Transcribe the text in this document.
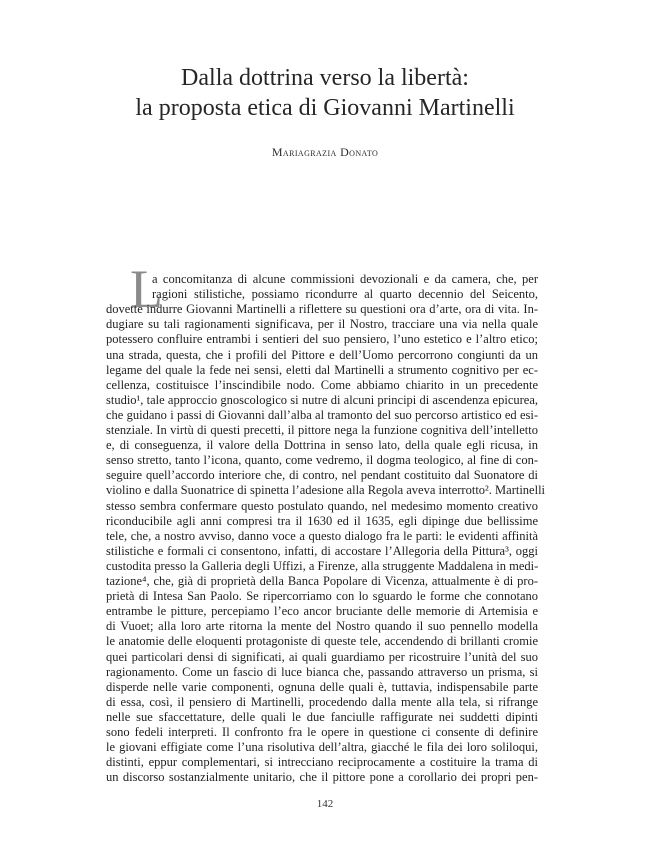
Dalla dottrina verso la libertà:
la proposta etica di Giovanni Martinelli
Mariagrazia Donato
L
a concomitanza di alcune commissioni devozionali e da camera, che, per
ragioni stilistiche, possiamo ricondurre al quarto decennio del Seicento,
dovette indurre Giovanni Martinelli a riflettere su questioni ora d’arte, ora di vita. In-
dugiare su tali ragionamenti significava, per il Nostro, tracciare una via nella quale
potessero confluire entrambi i sentieri del suo pensiero, l’uno estetico e l’altro etico;
una strada, questa, che i profili del Pittore e dell’Uomo percorrono congiunti da un
legame del quale la fede nei sensi, eletti dal Martinelli a strumento cognitivo per ec-
cellenza, costituisce l’inscindibile nodo. Come abbiamo chiarito in un precedente
studio¹, tale approccio gnoscologico si nutre di alcuni principi di ascendenza epicurea,
che guidano i passi di Giovanni dall’alba al tramonto del suo percorso artistico ed esi-
stenziale. In virtù di questi precetti, il pittore nega la funzione cognitiva dell’intelletto
e, di conseguenza, il valore della Dottrina in senso lato, della quale egli ricusa, in
senso stretto, tanto l’icona, quanto, come vedremo, il dogma teologico, al fine di con-
seguire quell’accordo interiore che, di contro, nel pendant costituito dal Suonatore di
violino e dalla Suonatrice di spinetta l’adesione alla Regola aveva interrotto². Martinelli
stesso sembra confermare questo postulato quando, nel medesimo momento creativo
riconducibile agli anni compresi tra il 1630 ed il 1635, egli dipinge due bellissime
tele, che, a nostro avviso, danno voce a questo dialogo fra le parti: le evidenti affinità
stilistiche e formali ci consentono, infatti, di accostare l’Allegoria della Pittura³, oggi
custodita presso la Galleria degli Uffizi, a Firenze, alla struggente Maddalena in medi-
tazione⁴, che, già di proprietà della Banca Popolare di Vicenza, attualmente è di pro-
prietà di Intesa San Paolo. Se ripercorriamo con lo sguardo le forme che connotano
entrambe le pitture, percepiamo l’eco ancor bruciante delle memorie di Artemisia e
di Vuoet; alla loro arte ritorna la mente del Nostro quando il suo pennello modella
le anatomie delle eloquenti protagoniste di queste tele, accendendo di brillanti cromie
quei particolari densi di significati, ai quali guardiamo per ricostruire l’unità del suo
ragionamento. Come un fascio di luce bianca che, passando attraverso un prisma, si
disperde nelle varie componenti, ognuna delle quali è, tuttavia, indispensabile parte
di essa, così, il pensiero di Martinelli, procedendo dalla mente alla tela, si rifrange
nelle sue sfaccettature, delle quali le due fanciulle raffigurate nei suddetti dipinti
sono fedeli interpreti. Il confronto fra le opere in questione ci consente di definire
le giovani effigiate come l’una risolutiva dell’altra, giacché le fila dei loro soliloqui,
distinti, eppur complementari, si intrecciano reciprocamente a costituire la trama di
un discorso sostanzialmente unitario, che il pittore pone a corollario dei propri pen-
142
